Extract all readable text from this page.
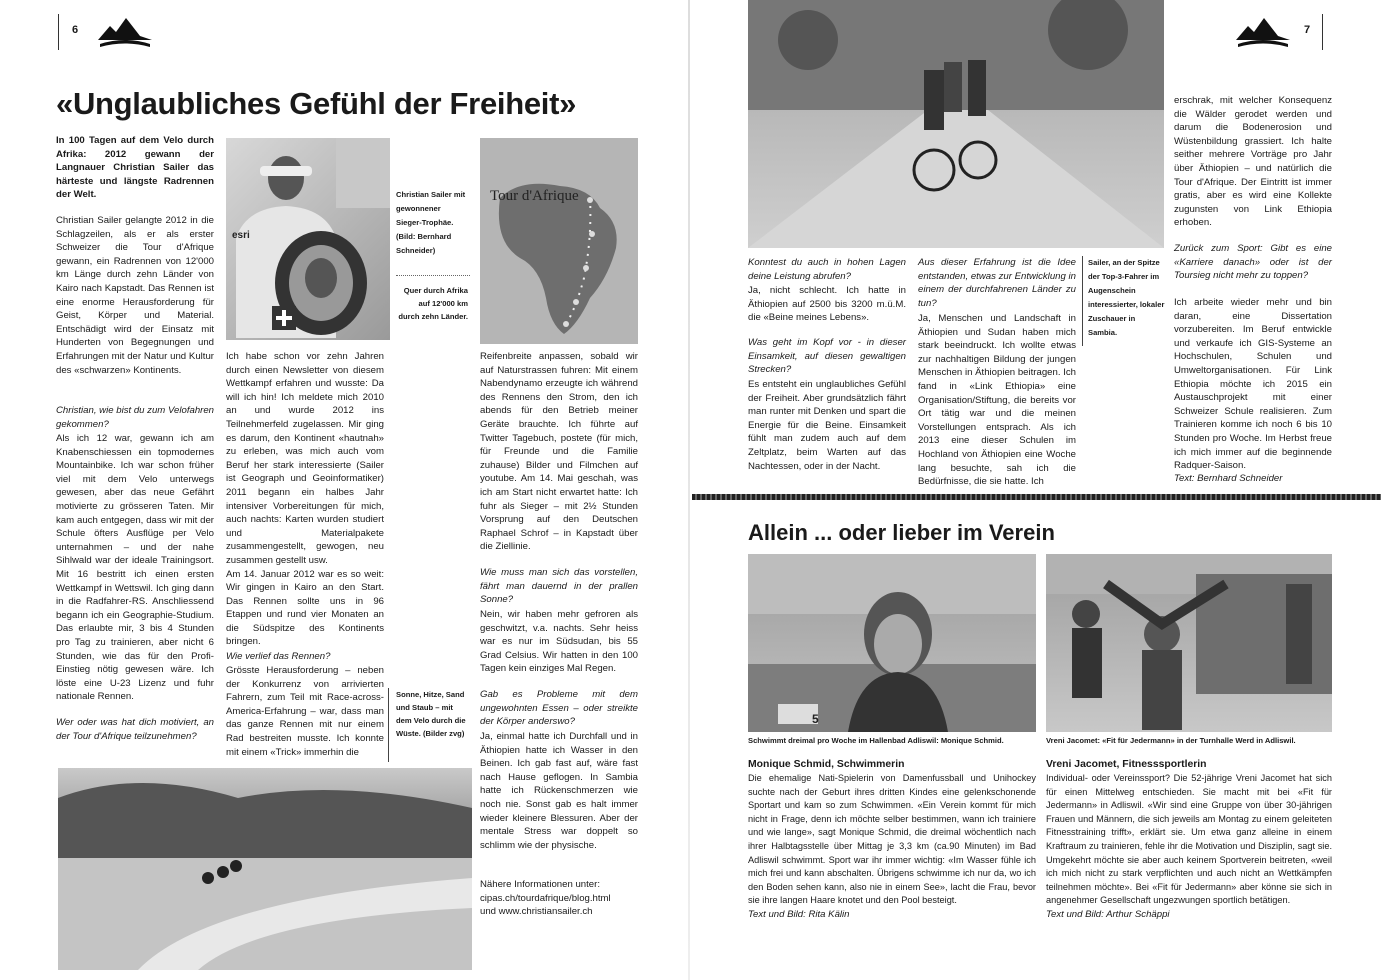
6
«Unglaubliches Gefühl der Freiheit»
In 100 Tagen auf dem Velo durch Afrika: 2012 gewann der Langnauer Christian Sailer das härteste und längste Radrennen der Welt.
Christian Sailer gelangte 2012 in die Schlagzeilen, als er als erster Schweizer die Tour d'Afrique gewann, ein Radrennen von 12'000 km Länge durch zehn Länder von Kairo nach Kapstadt. Das Rennen ist eine enorme Herausforderung für Geist, Körper und Material. Entschädigt wird der Einsatz mit Hunderten von Begegnungen und Erfahrungen mit der Natur und Kultur des «schwarzen» Kontinents.
Christian, wie bist du zum Velofahren gekommen?
Als ich 12 war, gewann ich am Knabenschiessen ein topmodernes Mountainbike. Ich war schon früher viel mit dem Velo unterwegs gewesen, aber das neue Gefährt motivierte zu grösseren Taten. Mir kam auch entgegen, dass wir mit der Schule öfters Ausflüge per Velo unternahmen – und der nahe Sihlwald war der ideale Trainingsort. Mit 16 bestritt ich einen ersten Wettkampf in Wettswil. Ich ging dann in die Radfahrer-RS. Anschliessend begann ich ein Geographie-Studium. Das erlaubte mir, 3 bis 4 Stunden pro Tag zu trainieren, aber nicht 6 Stunden, wie das für den Profi-Einstieg nötig gewesen wäre. Ich löste eine U-23 Lizenz und fuhr nationale Rennen.
Wer oder was hat dich motiviert, an der Tour d'Afrique teilzunehmen?
esri
Christian Sailer mit gewonnener Sieger-Trophäe. (Bild: Bernhard Schneider)
Quer durch Afrika auf 12'000 km durch zehn Länder.
Tour d'Afrique
Ich habe schon vor zehn Jahren durch einen Newsletter von diesem Wettkampf erfahren und wusste: Da will ich hin! Ich meldete mich 2010 an und wurde 2012 ins Teilnehmerfeld zugelassen. Mir ging es darum, den Kontinent «hautnah» zu erleben, was mich auch vom Beruf her stark interessierte (Sailer ist Geograph und Geoinformatiker) 2011 begann ein halbes Jahr intensiver Vorbereitungen für mich, auch nachts: Karten wurden studiert und Materialpakete zusammengestellt, gewogen, neu zusammen gestellt usw.
Am 14. Januar 2012 war es so weit: Wir gingen in Kairo an den Start. Das Rennen sollte uns in 96 Etappen und rund vier Monaten an die Südspitze des Kontinents bringen.
Wie verlief das Rennen?
Grösste Herausforderung – neben der Konkurrenz von arrivierten Fahrern, zum Teil mit Race-across-America-Erfahrung – war, dass man das ganze Rennen mit nur einem Rad bestreiten musste. Ich konnte mit einem «Trick» immerhin die
Sonne, Hitze, Sand und Staub – mit dem Velo durch die Wüste. (Bilder zvg)
Reifenbreite anpassen, sobald wir auf Naturstrassen fuhren: Mit einem Nabendynamo erzeugte ich während des Rennens den Strom, den ich abends für den Betrieb meiner Geräte brauchte. Ich führte auf Twitter Tagebuch, postete (für mich, für Freunde und die Familie zuhause) Bilder und Filmchen auf youtube. Am 14. Mai geschah, was ich am Start nicht erwartet hatte: Ich fuhr als Sieger – mit 2½ Stunden Vorsprung auf den Deutschen Raphael Schrof – in Kapstadt über die Ziellinie.
Wie muss man sich das vorstellen, fährt man dauernd in der prallen Sonne?
Nein, wir haben mehr gefroren als geschwitzt, v.a. nachts. Sehr heiss war es nur im Südsudan, bis 55 Grad Celsius. Wir hatten in den 100 Tagen kein einziges Mal Regen.
Gab es Probleme mit dem ungewohnten Essen – oder streikte der Körper anderswo?
Ja, einmal hatte ich Durchfall und in Äthiopien hatte ich Wasser in den Beinen. Ich gab fast auf, wäre fast nach Hause geflogen. In Sambia hatte ich Rückenschmerzen wie noch nie. Sonst gab es halt immer wieder kleinere Blessuren. Aber der mentale Stress war doppelt so schlimm wie der physische.
Nähere Informationen unter:
cipas.ch/tourdafrique/blog.html
und www.christiansailer.ch
7
Konntest du auch in hohen Lagen deine Leistung abrufen?
Ja, nicht schlecht. Ich hatte in Äthiopien auf 2500 bis 3200 m.ü.M. die «Beine meines Lebens».
Was geht im Kopf vor - in dieser Einsamkeit, auf diesen gewaltigen Strecken?
Es entsteht ein unglaubliches Gefühl der Freiheit. Aber grundsätzlich fährt man runter mit Denken und spart die Energie für die Beine. Einsamkeit fühlt man zudem auch auf dem Zeltplatz, beim Warten auf das Nachtessen, oder in der Nacht.
Aus dieser Erfahrung ist die Idee entstanden, etwas zur Entwicklung in einem der durchfahrenen Länder zu tun?
Ja, Menschen und Landschaft in Äthiopien und Sudan haben mich stark beeindruckt. Ich wollte etwas zur nachhaltigen Bildung der jungen Menschen in Äthiopien beitragen. Ich fand in «Link Ethiopia» eine Organisation/Stiftung, die bereits vor Ort tätig war und die meinen Vorstellungen entsprach. Als ich 2013 eine dieser Schulen im Hochland von Äthiopien eine Woche lang besuchte, sah ich die Bedürfnisse, die sie hatte. Ich
Sailer, an der Spitze der Top-3-Fahrer im Augenschein interessierter, lokaler Zuschauer in Sambia.
erschrak, mit welcher Konsequenz die Wälder gerodet werden und darum die Bodenerosion und Wüstenbildung grassiert. Ich halte seither mehrere Vorträge pro Jahr über Äthiopien – und natürlich die Tour d'Afrique. Der Eintritt ist immer gratis, aber es wird eine Kollekte zugunsten von Link Ethiopia erhoben.
Zurück zum Sport: Gibt es eine «Karriere danach» oder ist der Toursieg nicht mehr zu toppen?
Ich arbeite wieder mehr und bin daran, eine Dissertation vorzubereiten. Im Beruf entwickle und verkaufe ich GIS-Systeme an Hochschulen, Schulen und Umweltorganisationen. Für Link Ethiopia möchte ich 2015 ein Austauschprojekt mit einer Schweizer Schule realisieren. Zum Trainieren komme ich noch 6 bis 10 Stunden pro Woche. Im Herbst freue ich mich immer auf die beginnende Radquer-Saison.
Text: Bernhard Schneider
Allein ... oder lieber im Verein
5
Schwimmt dreimal pro Woche im Hallenbad Adliswil: Monique Schmid.	Vreni Jacomet: «Fit für Jedermann» in der Turnhalle Werd in Adliswil.
Monique Schmid, Schwimmerin
Die ehemalige Nati-Spielerin von Damenfussball und Unihockey suchte nach der Geburt ihres dritten Kindes eine gelenkschonende Sportart und kam so zum Schwimmen. «Ein Verein kommt für mich nicht in Frage, denn ich möchte selber bestimmen, wann ich trainiere und wie lange», sagt Monique Schmid, die dreimal wöchentlich nach ihrer Halbtagsstelle über Mittag je 3,3 km (ca.90 Minuten) im Bad Adliswil schwimmt. Sport war ihr immer wichtig: «Im Wasser fühle ich mich frei und kann abschalten. Übrigens schwimme ich nur da, wo ich den Boden sehen kann, also nie in einem See», lacht die Frau, bevor sie ihre langen Haare knotet und den Pool besteigt.
Text und Bild: Rita Kälin
Vreni Jacomet, Fitnesssportlerin
Individual- oder Vereinssport? Die 52-jährige Vreni Jacomet hat sich für einen Mittelweg entschieden. Sie macht mit bei «Fit für Jedermann» in Adliswil. «Wir sind eine Gruppe von über 30-jährigen Frauen und Männern, die sich jeweils am Montag zu einem geleiteten Fitnesstraining trifft», erklärt sie. Um etwa ganz alleine in einem Kraftraum zu trainieren, fehle ihr die Motivation und Disziplin, sagt sie. Umgekehrt möchte sie aber auch keinem Sportverein beitreten, «weil ich mich nicht zu stark verpflichten und auch nicht an Wettkämpfen teilnehmen möchte». Bei «Fit für Jedermann» aber könne sie sich in angenehmer Gesellschaft ungezwungen sportlich betätigen.
Text und Bild: Arthur Schäppi
